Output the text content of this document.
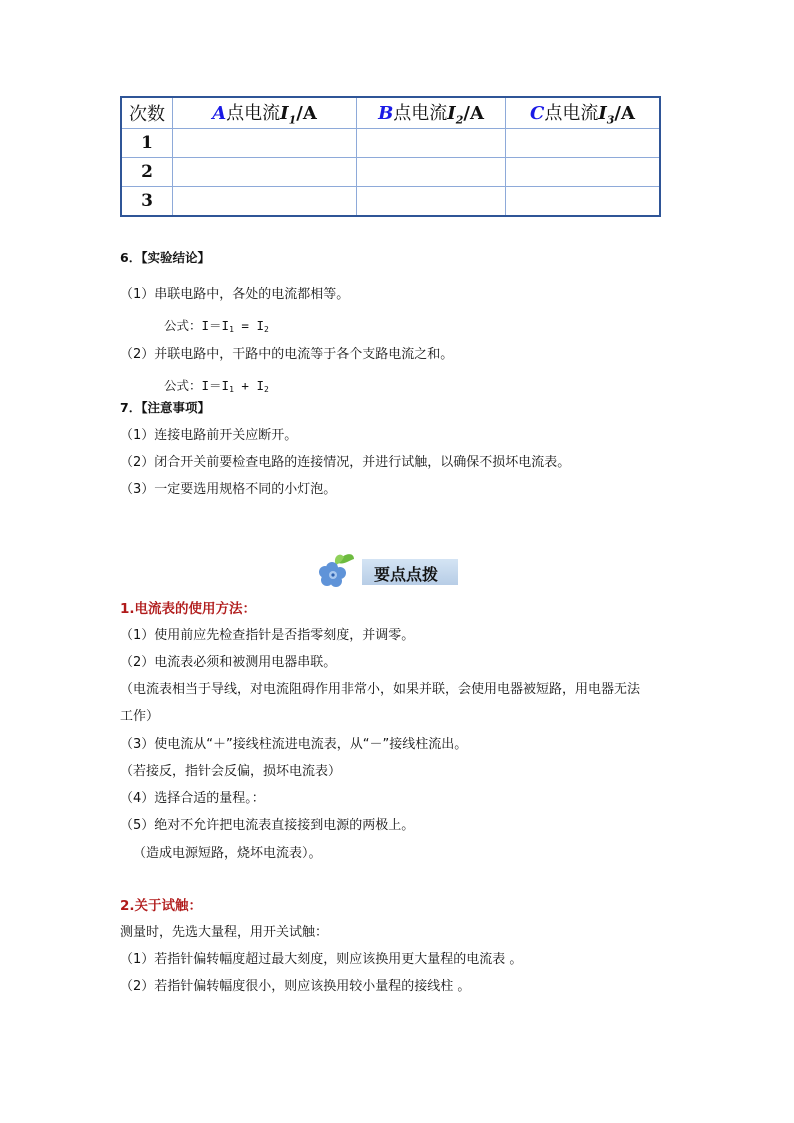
次数	A点电流$I_1/A$	B点电流$I_2/A$	C点电流$I_3/A$
1			
2			
3			
6．【实验结论】
（1）串联电路中，各处的电流都相等。
公式：I＝I1 = I2
（2）并联电路中，干路中的电流等于各个支路电流之和。
公式：I＝I1 + I2
7．【注意事项】
（1）连接电路前开关应断开。
（2）闭合开关前要检查电路的连接情况，并进行试触，以确保不损坏电流表。
（3）一定要选用规格不同的小灯泡。
要点点拨
1.电流表的使用方法：
（1）使用前应先检查指针是否指零刻度，并调零。
（2）电流表必须和被测用电器串联。
（电流表相当于导线，对电流阻碍作用非常小，如果并联，会使用电器被短路，用电器无法
工作）
（3）使电流从“＋”接线柱流进电流表，从“－”接线柱流出。
（若接反，指针会反偏，损坏电流表）
（4）选择合适的量程。：
（5）绝对不允许把电流表直接接到电源的两极上。
（造成电源短路，烧坏电流表）。
2.关于试触：
测量时，先选大量程，用开关试触：
（1）若指针偏转幅度超过最大刻度，则应该换用更大量程的电流表 。
（2）若指针偏转幅度很小，则应该换用较小量程的接线柱 。
